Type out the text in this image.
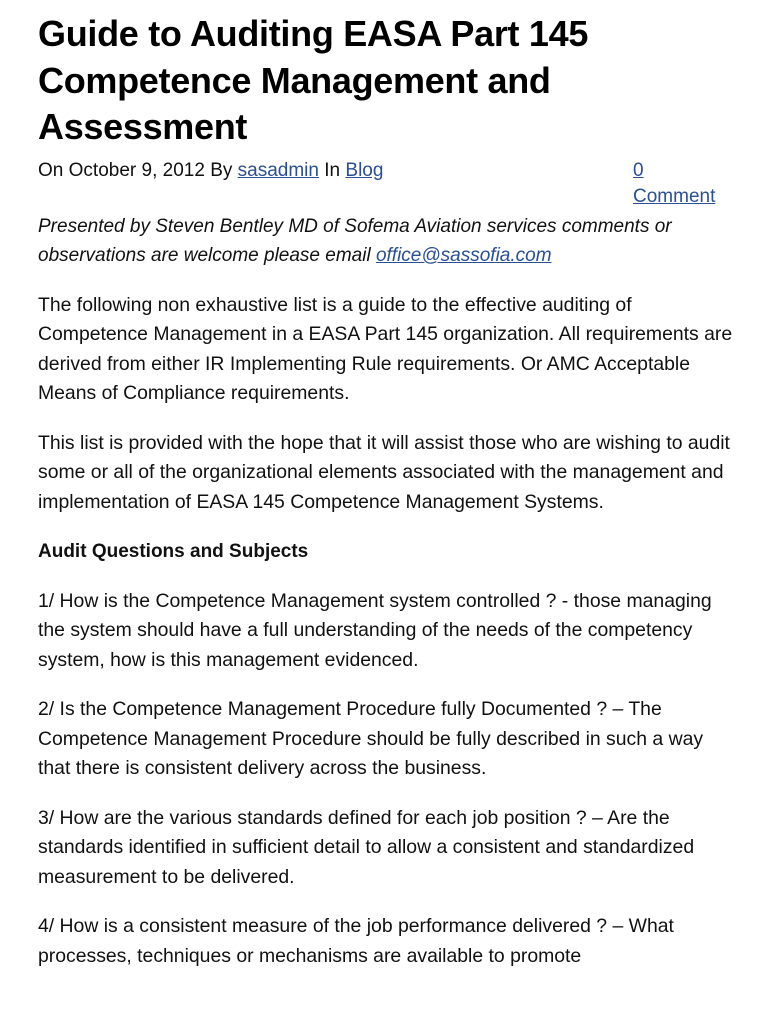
Guide to Auditing EASA Part 145 Competence Management and Assessment
On October 9, 2012 By sasadmin In Blog	0
Comment

Presented by Steven Bentley MD of Sofema Aviation services comments or observations are welcome please email office@sassofia.com

The following non exhaustive list is a guide to the effective auditing of Competence Management in a EASA Part 145 organization. All requirements are derived from either IR Implementing Rule requirements. Or AMC Acceptable Means of Compliance requirements.

This list is provided with the hope that it will assist those who are wishing to audit some or all of the organizational elements associated with the management and implementation of EASA 145 Competence Management Systems.

Audit Questions and Subjects

1/ How is the Competence Management system controlled ? - those managing the system should have a full understanding of the needs of the competency system, how is this management evidenced.

2/ Is the Competence Management Procedure fully Documented ? – The Competence Management Procedure should be fully described in such a way that there is consistent delivery across the business.

3/ How are the various standards defined for each job position ? – Are the standards identified in sufficient detail to allow a consistent and standardized measurement to be delivered.

4/ How is a consistent measure of the job performance delivered ? – What processes, techniques or mechanisms are available to promote
